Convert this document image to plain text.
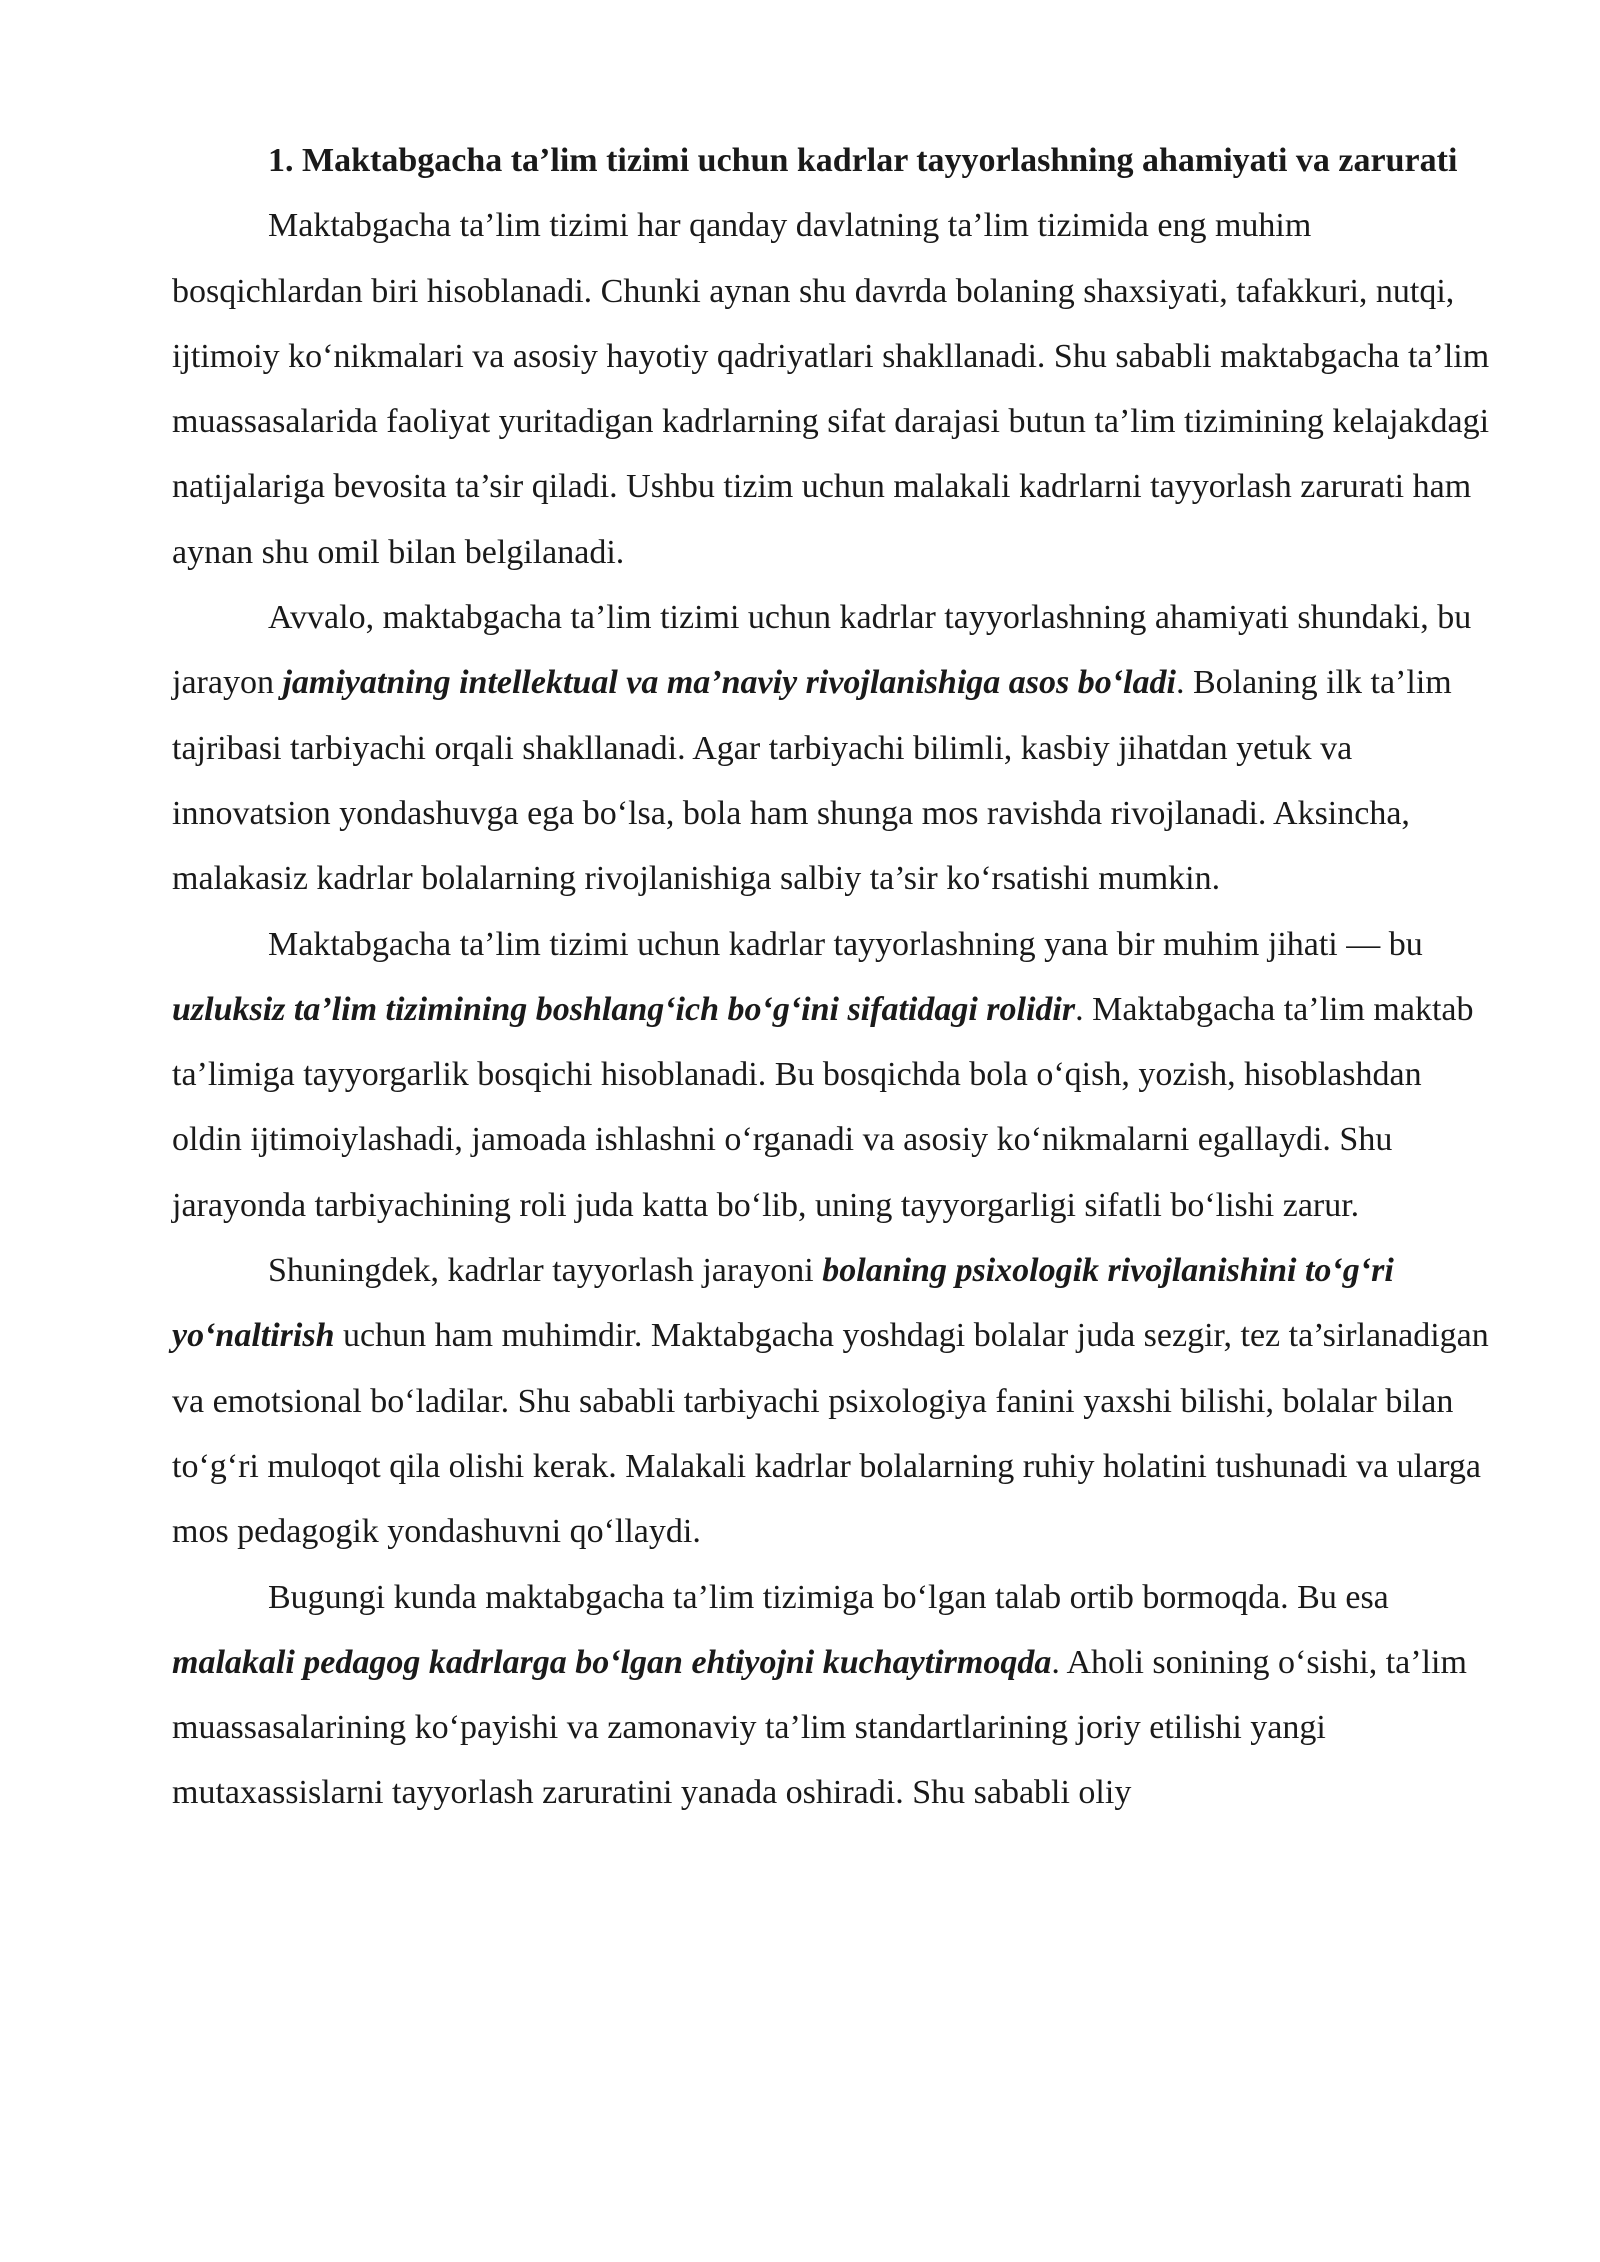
1. Maktabgacha ta’lim tizimi uchun kadrlar tayyorlashning ahamiyati va zarurati

Maktabgacha ta’lim tizimi har qanday davlatning ta’lim tizimida eng muhim bosqichlardan biri hisoblanadi. Chunki aynan shu davrda bolaning shaxsiyati, tafakkuri, nutqi, ijtimoiy ko‘nikmalari va asosiy hayotiy qadriyatlari shakllanadi. Shu sababli maktabgacha ta’lim muassasalarida faoliyat yuritadigan kadrlarning sifat darajasi butun ta’lim tizimining kelajakdagi natijalariga bevosita ta’sir qiladi. Ushbu tizim uchun malakali kadrlarni tayyorlash zarurati ham aynan shu omil bilan belgilanadi.

Avvalo, maktabgacha ta’lim tizimi uchun kadrlar tayyorlashning ahamiyati shundaki, bu jarayon jamiyatning intellektual va ma’naviy rivojlanishiga asos bo‘ladi. Bolaning ilk ta’lim tajribasi tarbiyachi orqali shakllanadi. Agar tarbiyachi bilimli, kasbiy jihatdan yetuk va innovatsion yondashuvga ega bo‘lsa, bola ham shunga mos ravishda rivojlanadi. Aksincha, malakasiz kadrlar bolalarning rivojlanishiga salbiy ta’sir ko‘rsatishi mumkin.

Maktabgacha ta’lim tizimi uchun kadrlar tayyorlashning yana bir muhim jihati — bu uzluksiz ta’lim tizimining boshlang‘ich bo‘g‘ini sifatidagi rolidir. Maktabgacha ta’lim maktab ta’limiga tayyorgarlik bosqichi hisoblanadi. Bu bosqichda bola o‘qish, yozish, hisoblashdan oldin ijtimoiylashadi, jamoada ishlashni o‘rganadi va asosiy ko‘nikmalarni egallaydi. Shu jarayonda tarbiyachining roli juda katta bo‘lib, uning tayyorgarligi sifatli bo‘lishi zarur.

Shuningdek, kadrlar tayyorlash jarayoni bolaning psixologik rivojlanishini to‘g‘ri yo‘naltirish uchun ham muhimdir. Maktabgacha yoshdagi bolalar juda sezgir, tez ta’sirlanadigan va emotsional bo‘ladilar. Shu sababli tarbiyachi psixologiya fanini yaxshi bilishi, bolalar bilan to‘g‘ri muloqot qila olishi kerak. Malakali kadrlar bolalarning ruhiy holatini tushunadi va ularga mos pedagogik yondashuvni qo‘llaydi.

Bugungi kunda maktabgacha ta’lim tizimiga bo‘lgan talab ortib bormoqda. Bu esa malakali pedagog kadrlarga bo‘lgan ehtiyojni kuchaytirmoqda. Aholi sonining o‘sishi, ta’lim muassasalarining ko‘payishi va zamonaviy ta’lim standartlarining joriy etilishi yangi mutaxassislarni tayyorlash zaruratini yanada oshiradi. Shu sababli oliy
